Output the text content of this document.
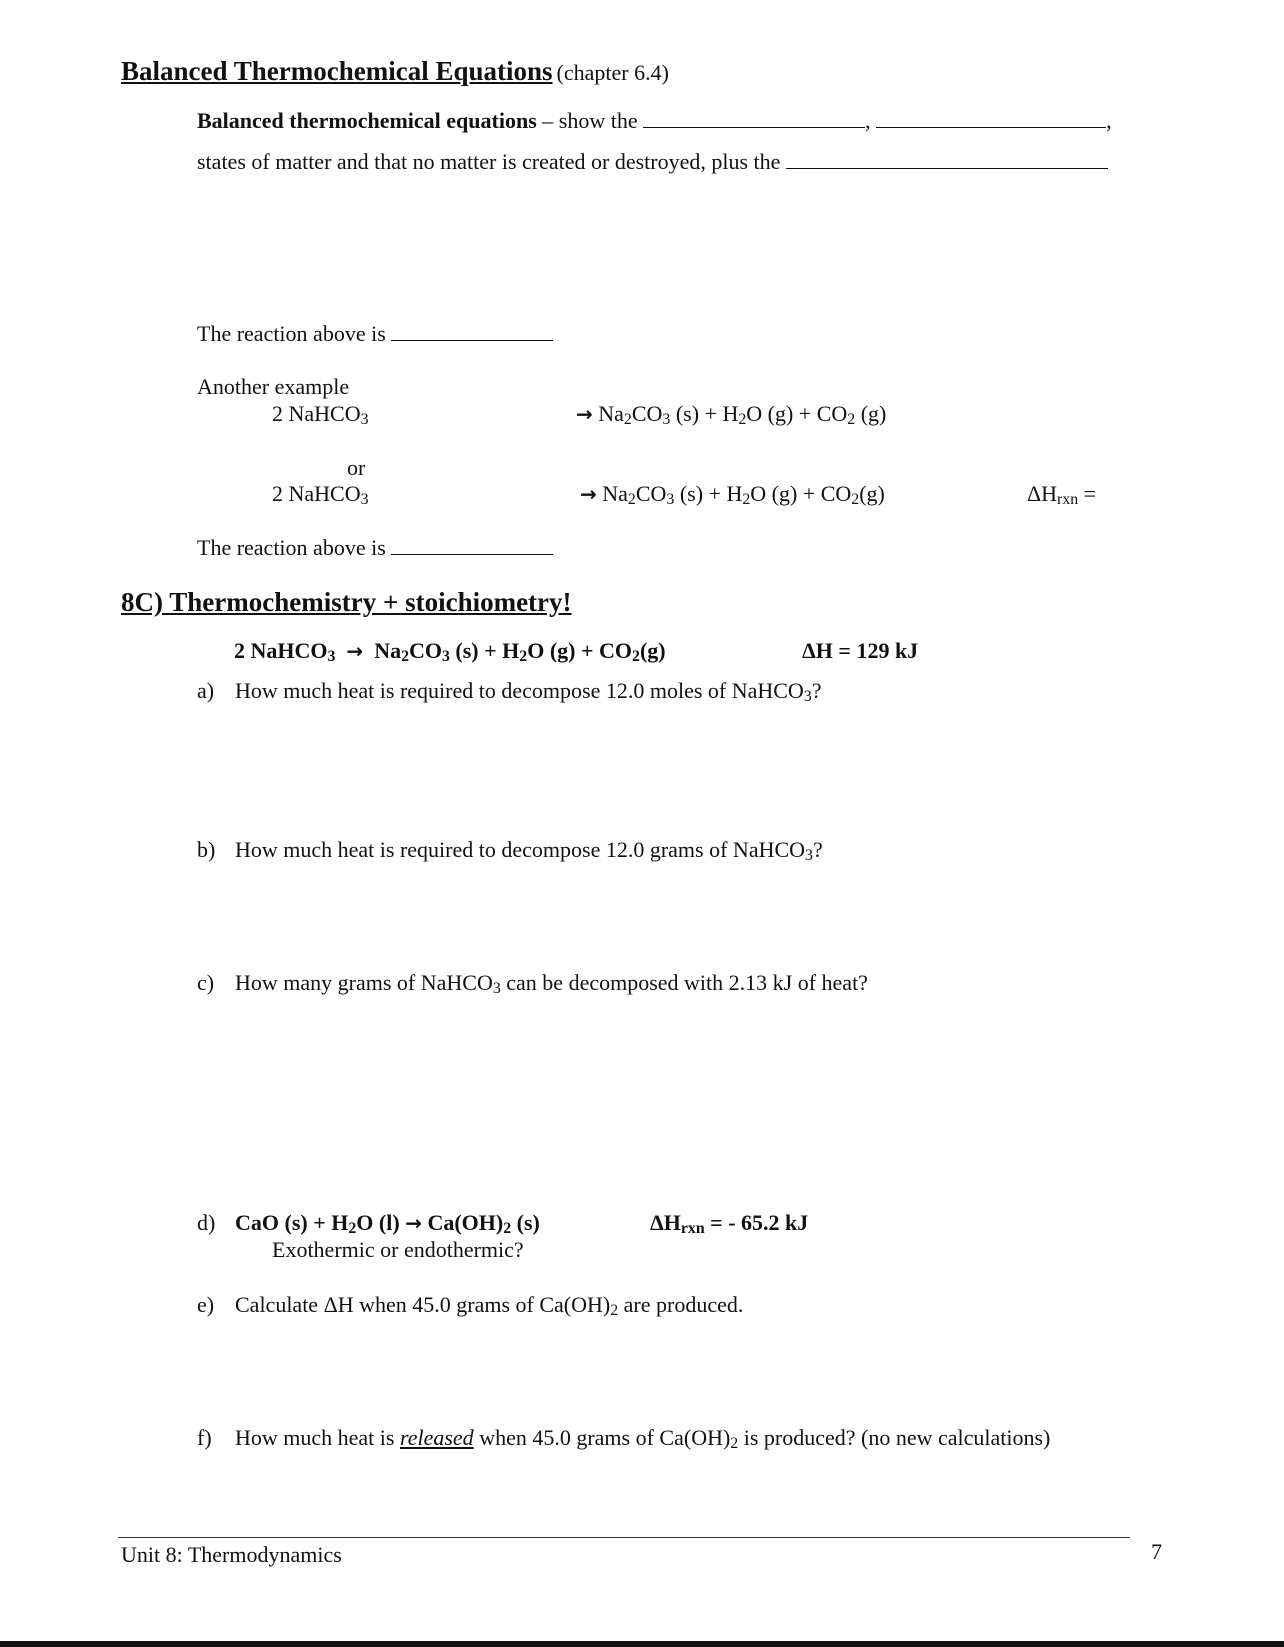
Balanced Thermochemical Equations (chapter 6.4)
Balanced thermochemical equations – show the	,	,
states of matter and that no matter is created or destroyed, plus the
The reaction above is
Another example
2 NaHCO$_3$	→ $Na_2CO_3$ $(s) + H_2O$ $(g) + CO_2$ (g)
or
2 NaHCO$_3$	→ $Na_2CO_3$ $(s) + H_2O$ $(g) + CO_2(g)$	$\Delta H_{rxn}$ =
The reaction above is
8C) Thermochemistry + stoichiometry!
2 NaHCO$_3$ →  $Na_2CO_3$ $(s) + H_2O$ $(g) + CO_2(g)$	ΔH = 129 kJ
a) How much heat is required to decompose 12.0 moles of NaHCO$_3$?
b) How much heat is required to decompose 12.0 grams of NaHCO$_3$?
c) How many grams of NaHCO$_3$ can be decomposed with 2.13 kJ of heat?
d) CaO $(s) + H_2O$ $(l) \to Ca(OH)_2$ (s)	$\Delta H_{rxn}$ = - 65.2 kJ
Exothermic or endothermic?
e) Calculate ΔH when 45.0 grams of $Ca(OH)_2$ are produced.
f) How much heat is released when 45.0 grams of $Ca(OH)_2$ is produced? (no new calculations)
Unit 8: Thermodynamics	7
